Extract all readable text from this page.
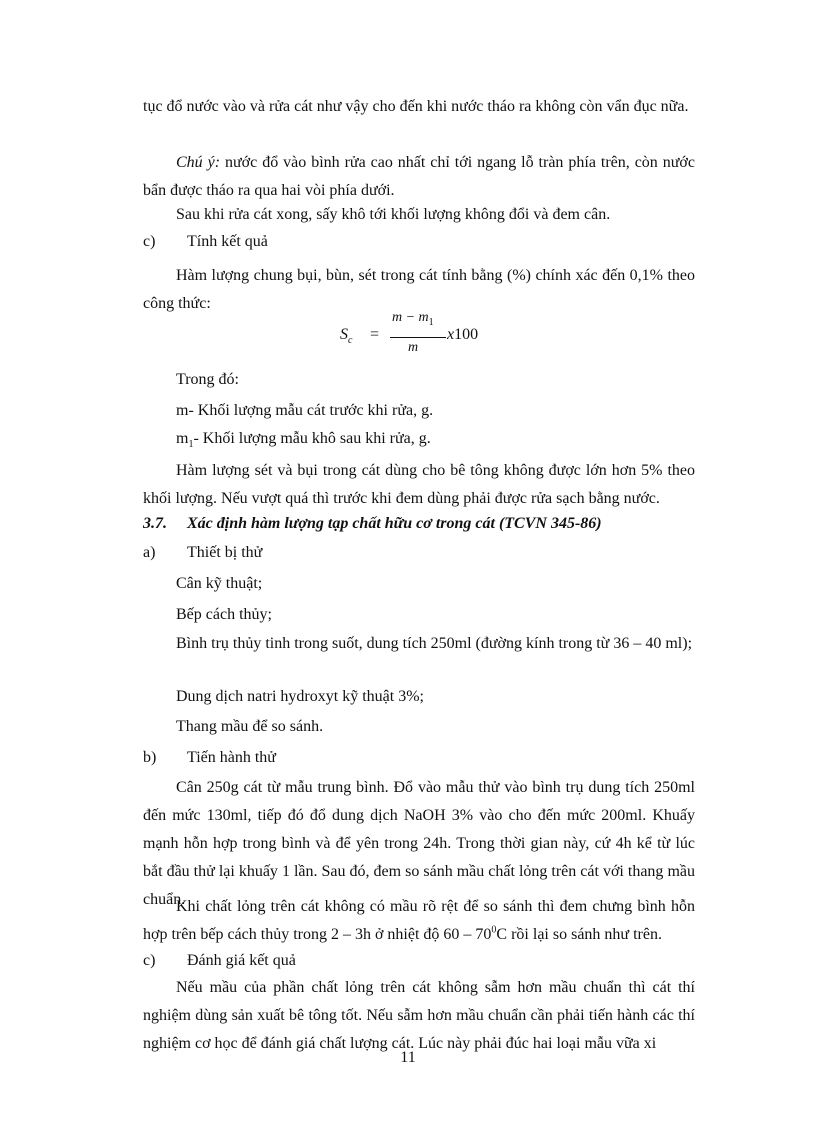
tục đổ nước vào và rửa cát như vậy cho đến khi nước tháo ra không còn vẩn đục nữa.

Chú ý: nước đổ vào bình rửa cao nhất chỉ tới ngang lỗ tràn phía trên, còn nước bẩn được tháo ra qua hai vòi phía dưới.

Sau khi rửa cát xong, sấy khô tới khối lượng không đổi và đem cân.

c) Tính kết quả

Hàm lượng chung bụi, bùn, sét trong cát tính bằng (%) chính xác đến 0,1% theo công thức:

$S_c$ =
$m - m_1$
m
x100
Trong đó:
m- Khối lượng mẫu cát trước khi rửa, g.
$m_1-$ Khối lượng mẫu khô sau khi rửa, g.

Hàm lượng sét và bụi trong cát dùng cho bê tông không được lớn hơn 5% theo khối lượng. Nếu vượt quá thì trước khi đem dùng phải được rửa sạch bằng nước.

3.7. Xác định hàm lượng tạp chất hữu cơ trong cát (TCVN 345-86)
a) Thiết bị thử
Cân kỹ thuật;
Bếp cách thủy;

Bình trụ thủy tinh trong suốt, dung tích 250ml (đường kính trong từ 36 – 40 ml);

Dung dịch natri hydroxyt kỹ thuật 3%;
Thang mầu để so sánh.
b) Tiến hành thử

Cân 250g cát từ mẫu trung bình. Đổ vào mẫu thử vào bình trụ dung tích 250ml đến mức 130ml, tiếp đó đổ dung dịch NaOH 3% vào cho đến mức 200ml. Khuấy mạnh hỗn hợp trong bình và để yên trong 24h. Trong thời gian này, cứ 4h kể từ lúc bắt đầu thử lại khuấy 1 lần. Sau đó, đem so sánh mầu chất lỏng trên cát với thang mầu chuẩn.

Khi chất lỏng trên cát không có mầu rõ rệt để so sánh thì đem chưng bình hỗn hợp trên bếp cách thủy trong 2 – 3h ở nhiệt độ $60 - 70^0C$ rồi lại so sánh như trên.

c) Đánh giá kết quả

Nếu mầu của phần chất lỏng trên cát không sẫm hơn mầu chuẩn thì cát thí nghiệm dùng sản xuất bê tông tốt. Nếu sẫm hơn mầu chuẩn cần phải tiến hành các thí nghiệm cơ học để đánh giá chất lượng cát. Lúc này phải đúc hai loại mẫu vữa xi

11
